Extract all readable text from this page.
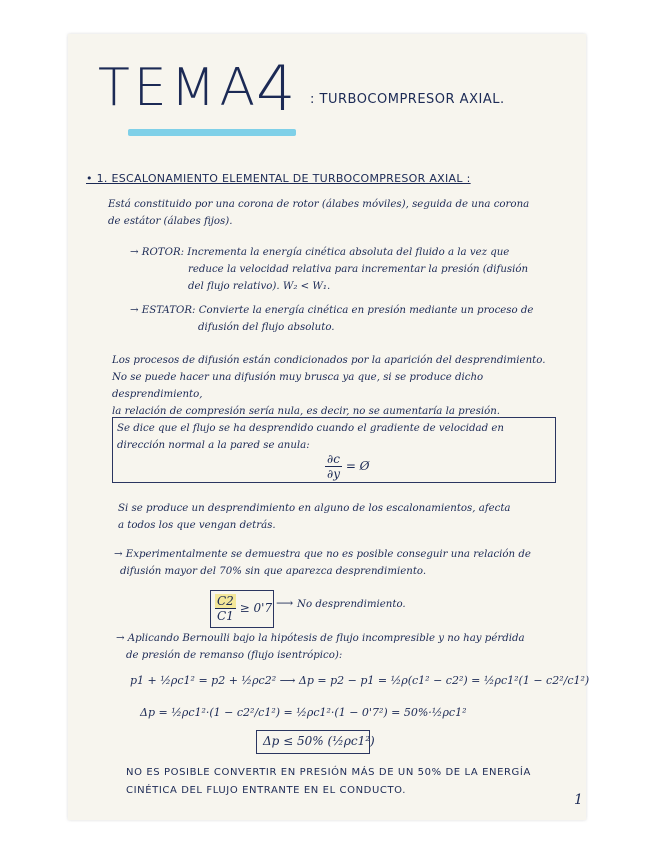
TEMA
4 : TURBOCOMPRESOR AXIAL.
• 1. ESCALONAMIENTO ELEMENTAL DE TURBOCOMPRESOR AXIAL :
Está constituido por una corona de rotor (álabes móviles), seguida de una corona
de estátor (álabes fijos).
→ ROTOR: Incrementa la energía cinética absoluta del fluido a la vez que
reduce la velocidad relativa para incrementar la presión (difusión
del flujo relativo). W₂ < W₁.
→ ESTATOR: Convierte la energía cinética en presión mediante un proceso de
difusión del flujo absoluto.
Los procesos de difusión están condicionados por la aparición del desprendimiento.
No se puede hacer una difusión muy brusca ya que, si se produce dicho desprendimiento,
la relación de compresión sería nula, es decir, no se aumentaría la presión.
Se dice que el flujo se ha desprendido cuando el gradiente de velocidad en
dirección normal a la pared se anula:
$\frac{\partial c}{\partial y}$ = Ø
Si se produce un desprendimiento en alguno de los escalonamientos, afecta
a todos los que vengan detrás.
→ Experimentalmente se demuestra que no es posible conseguir una relación de
difusión mayor del 70% sin que aparezca desprendimiento.
$\frac{C2}{C1} \ge 0'7$ ⟶ No desprendimiento.
→ Aplicando Bernoulli bajo la hipótesis de flujo incompresible y no hay pérdida
de presión de remanso (flujo isentrópico):
p1 + ½ρc1² = p2 + ½ρc2² ⟶ Δp = p2 − p1 = ½ρ(c1² − c2²) = ½ρc1²(1 − c2²/c1²)
Δp = ½ρc1²·(1 − c2²/c1²) = ½ρc1²·(1 − 0'7²) = 50%·½ρc1²
Δp ≤ 50% (½ρc1²)
NO ES POSIBLE CONVERTIR EN PRESIÓN MÁS DE UN 50% DE LA ENERGÍA
CINÉTICA DEL FLUJO ENTRANTE EN EL CONDUCTO.
1
